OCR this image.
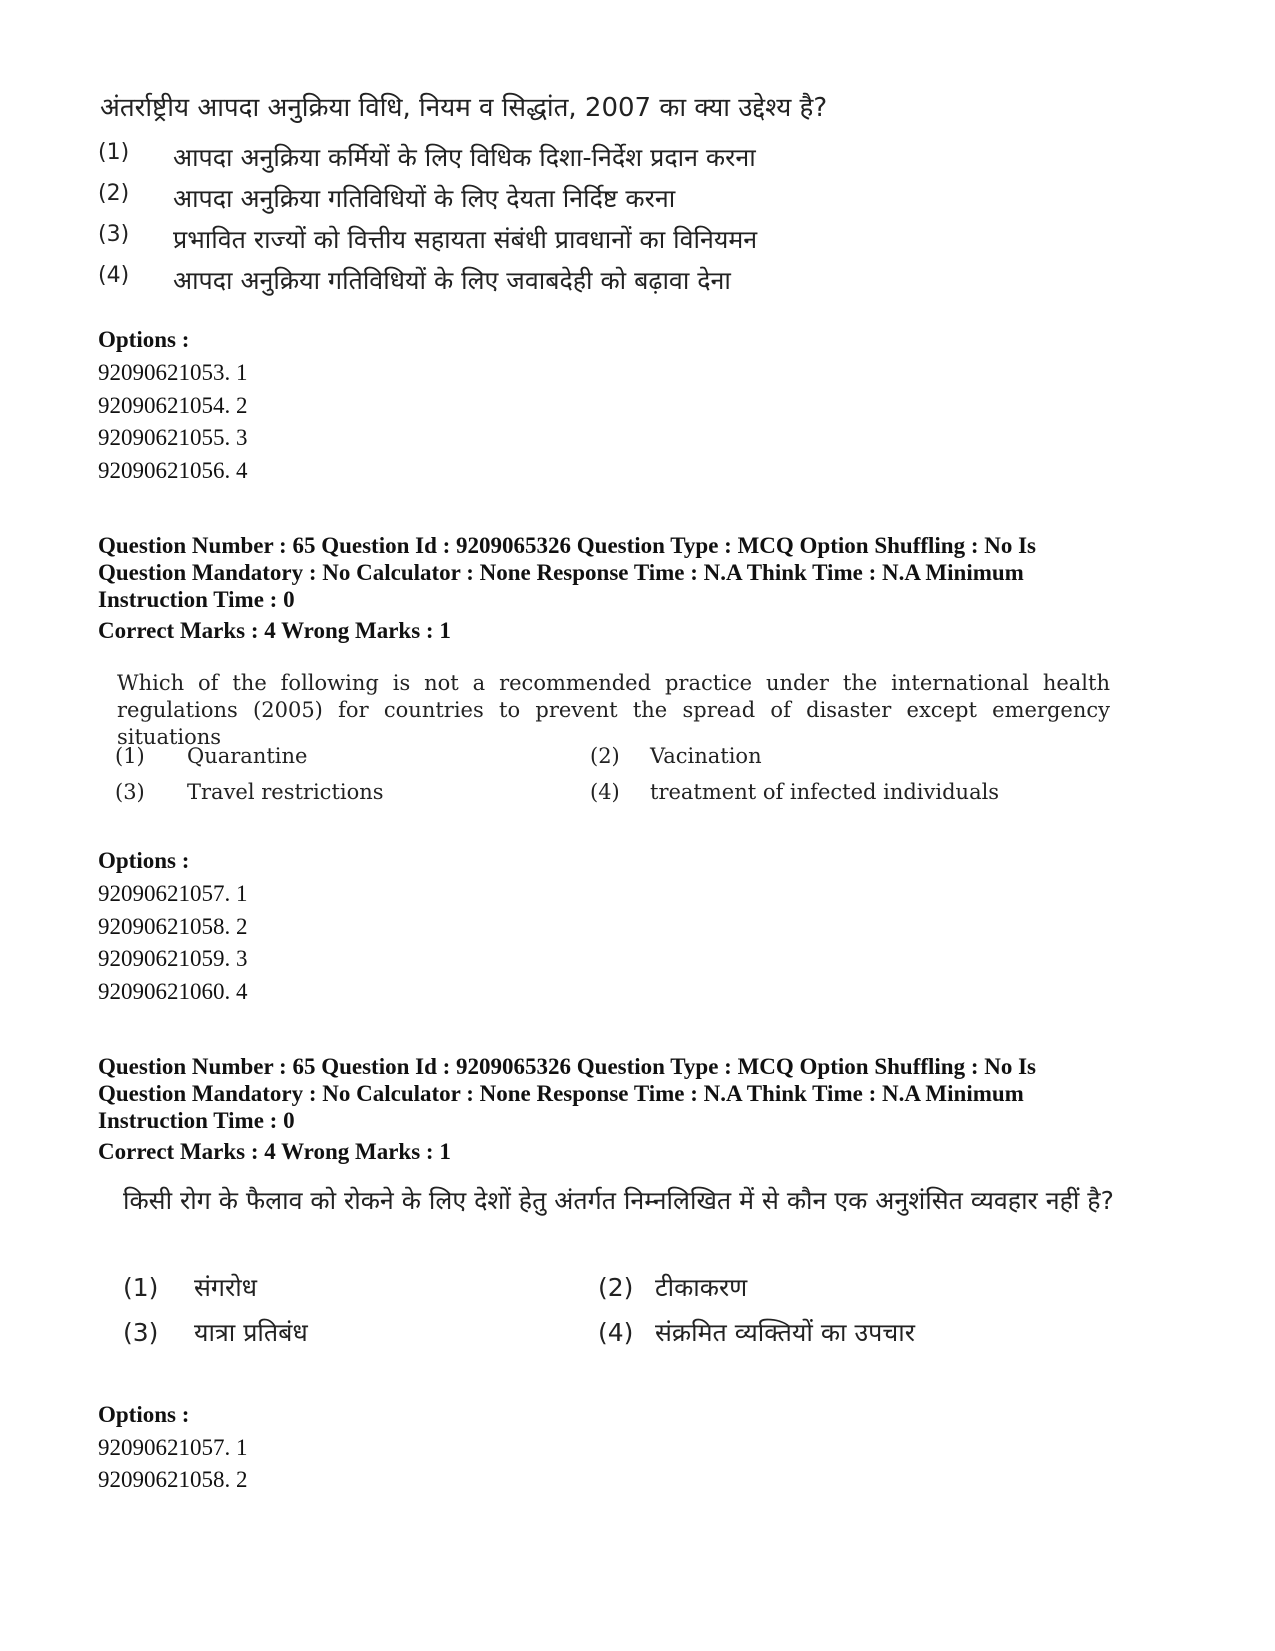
अंतर्राष्ट्रीय आपदा अनुक्रिया विधि, नियम व सिद्धांत, 2007 का क्या उद्देश्य है?
(1) आपदा अनुक्रिया कर्मियों के लिए विधिक दिशा-निर्देश प्रदान करना
(2) आपदा अनुक्रिया गतिविधियों के लिए देयता निर्दिष्ट करना
(3) प्रभावित राज्यों को वित्तीय सहायता संबंधी प्रावधानों का विनियमन
(4) आपदा अनुक्रिया गतिविधियों के लिए जवाबदेही को बढ़ावा देना
Options :
92090621053. 1
92090621054. 2
92090621055. 3
92090621056. 4
Question Number : 65 Question Id : 9209065326 Question Type : MCQ Option Shuffling : No Is
Question Mandatory : No Calculator : None Response Time : N.A Think Time : N.A Minimum
Instruction Time : 0
Correct Marks : 4 Wrong Marks : 1
Which of the following is not a recommended practice under the international health regulations (2005) for countries to prevent the spread of disaster except emergency situations
(1) Quarantine	(2) Vacination
(3) Travel restrictions	(4) treatment of infected individuals
Options :
92090621057. 1
92090621058. 2
92090621059. 3
92090621060. 4
Question Number : 65 Question Id : 9209065326 Question Type : MCQ Option Shuffling : No Is
Question Mandatory : No Calculator : None Response Time : N.A Think Time : N.A Minimum
Instruction Time : 0
Correct Marks : 4 Wrong Marks : 1
किसी रोग के फैलाव को रोकने के लिए देशों हेतु अंतर्गत निम्नलिखित में से कौन एक अनुशंसित व्यवहार नहीं है?
(1) संगरोध	(2) टीकाकरण
(3) यात्रा प्रतिबंध	(4) संक्रमित व्यक्तियों का उपचार
Options :
92090621057. 1
92090621058. 2
